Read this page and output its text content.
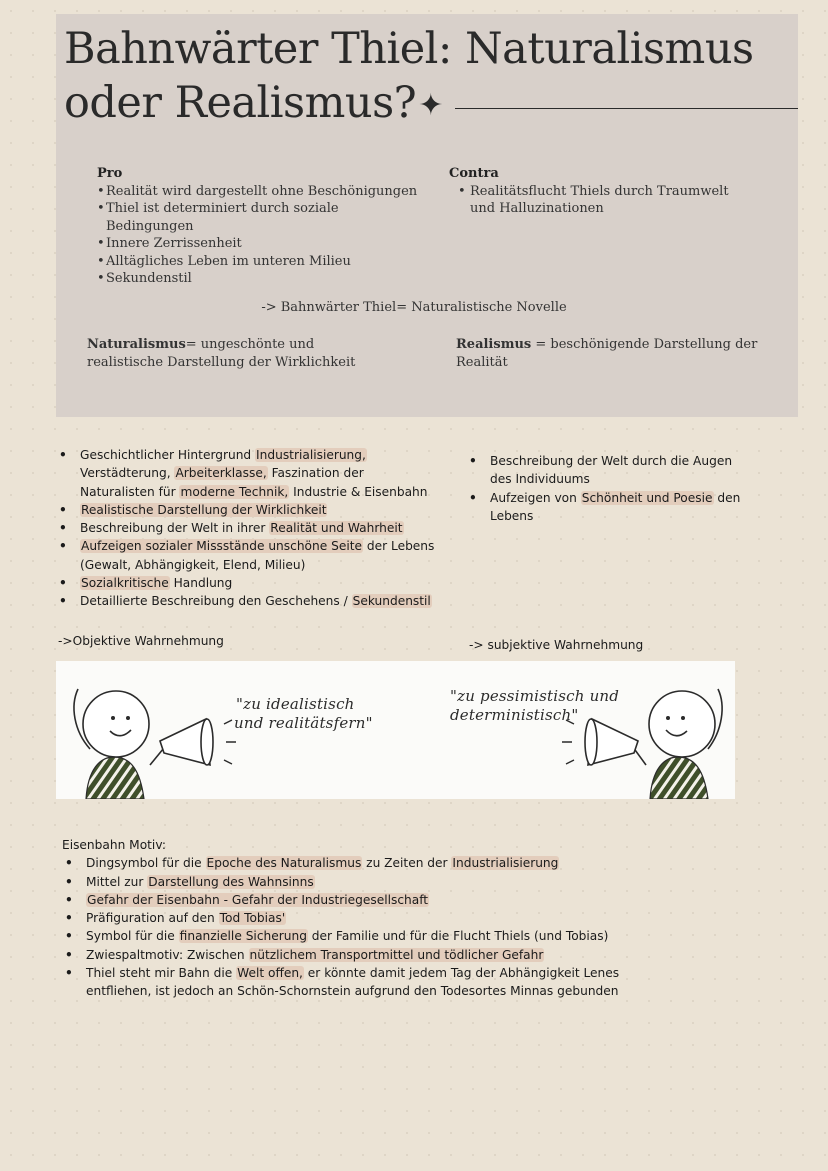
Bahnwärter Thiel: Naturalismus
oder Realismus?✦
Pro
• Realität wird dargestellt ohne Beschönigungen
• Thiel ist determiniert durch soziale Bedingungen
• Innere Zerrissenheit
• Alltägliches Leben im unteren Milieu
• Sekundenstil
Contra
• Realitätsflucht Thiels durch Traumwelt und Halluzinationen
-> Bahnwärter Thiel= Naturalistische Novelle
Naturalismus= ungeschönte und realistische Darstellung der Wirklichkeit
Realismus = beschönigende Darstellung der Realität
• Geschichtlicher Hintergrund Industrialisierung, Verstädterung, Arbeiterklasse, Faszination der Naturalisten für moderne Technik, Industrie & Eisenbahn
• Realistische Darstellung der Wirklichkeit
• Beschreibung der Welt in ihrer Realität und Wahrheit
• Aufzeigen sozialer Missstände unschöne Seite der Lebens (Gewalt, Abhängigkeit, Elend, Milieu)
• Sozialkritische Handlung
• Detaillierte Beschreibung den Geschehens / Sekundenstil
->Objektive Wahrnehmung
• Beschreibung der Welt durch die Augen des Individuums
• Aufzeigen von Schönheit und Poesie den Lebens
-> subjektive Wahrnehmung
"zu idealistisch
und realitätsfern"
"zu pessimistisch und
deterministisch"
Eisenbahn Motiv:
• Dingsymbol für die Epoche des Naturalismus zu Zeiten der Industrialisierung
• Mittel zur Darstellung des Wahnsinns
• Gefahr der Eisenbahn - Gefahr der Industriegesellschaft
• Präfiguration auf den Tod Tobias'
• Symbol für die finanzielle Sicherung der Familie und für die Flucht Thiels (und Tobias)
• Zwiespaltmotiv: Zwischen nützlichem Transportmittel und tödlicher Gefahr
• Thiel steht mir Bahn die Welt offen, er könnte damit jedem Tag der Abhängigkeit Lenes entfliehen, ist jedoch an Schön-Schornstein aufgrund den Todesortes Minnas gebunden
